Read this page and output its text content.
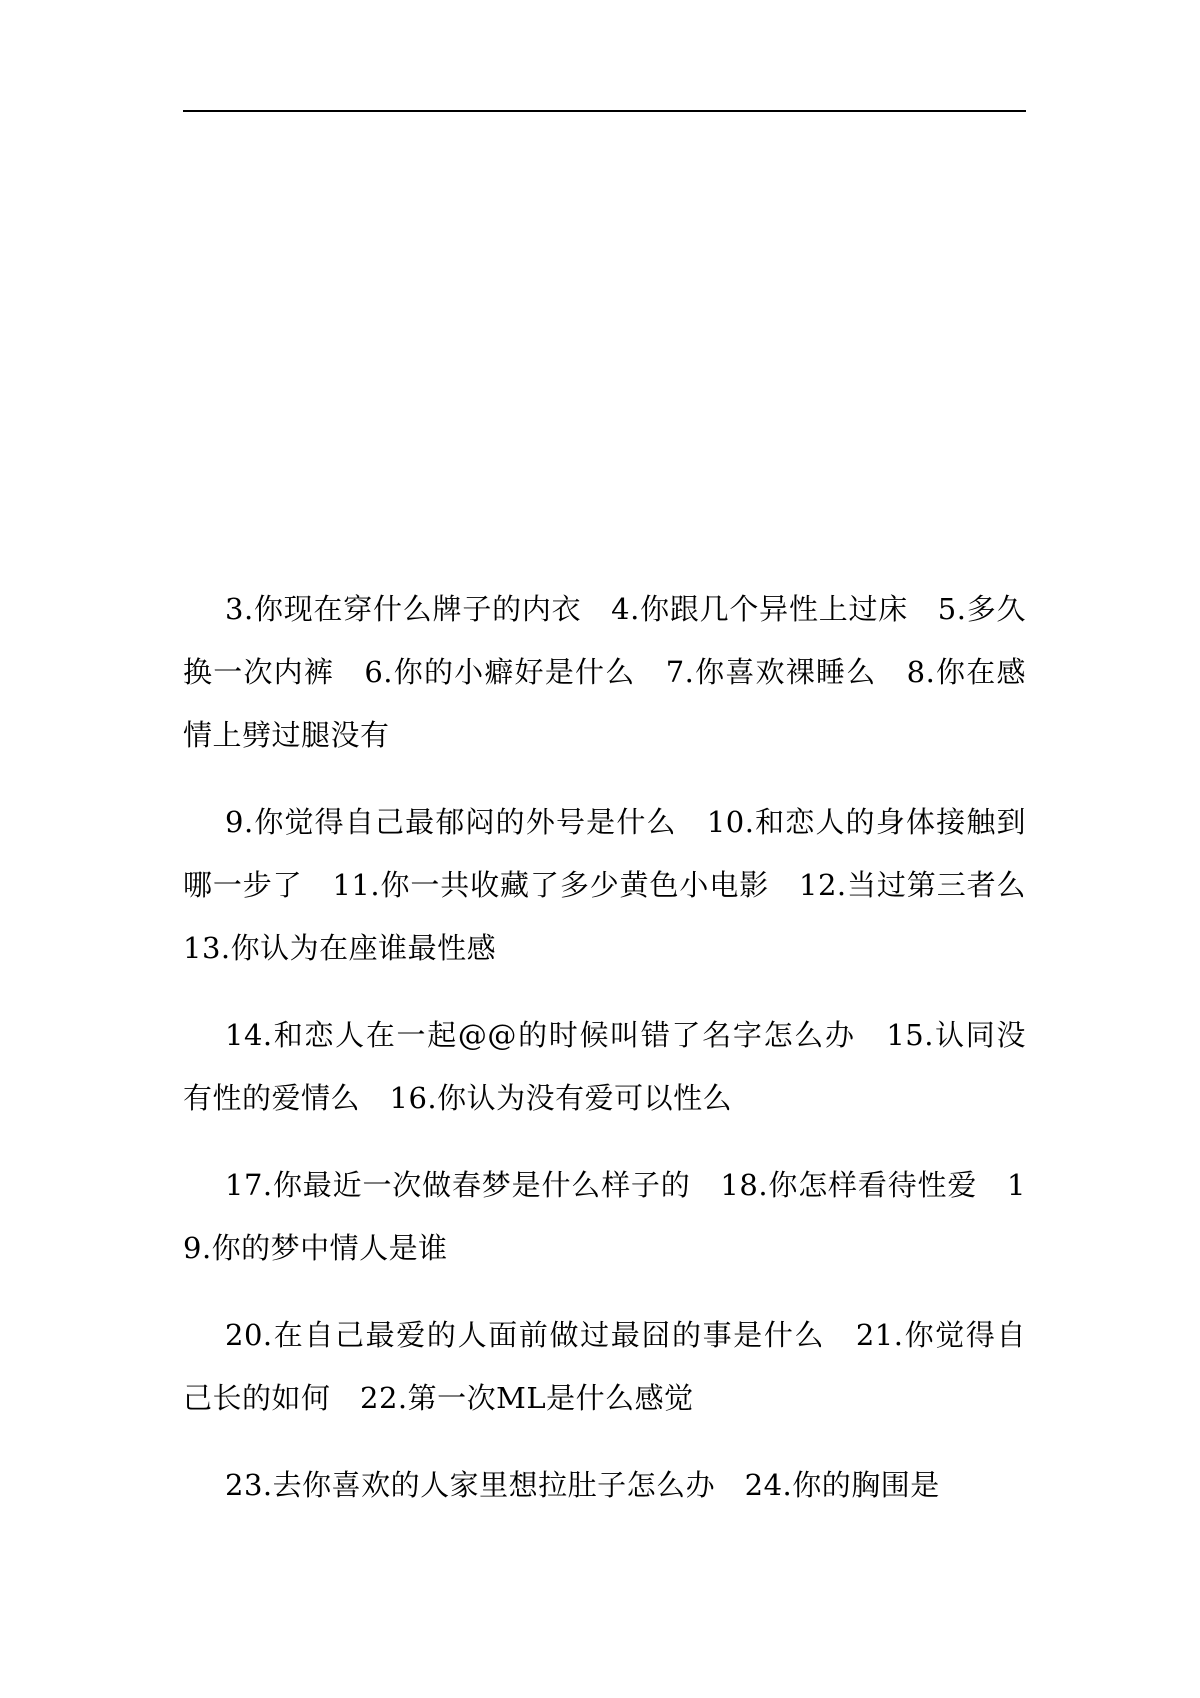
3.你现在穿什么牌子的内衣　4.你跟几个异性上过床　5.多久换一次内裤　6.你的小癖好是什么　7.你喜欢裸睡么　8.你在感情上劈过腿没有

9.你觉得自己最郁闷的外号是什么　10.和恋人的身体接触到哪一步了　11.你一共收藏了多少黄色小电影　12.当过第三者么　13.你认为在座谁最性感

14.和恋人在一起@@的时候叫错了名字怎么办　15.认同没有性的爱情么　16.你认为没有爱可以性么

17.你最近一次做春梦是什么样子的　18.你怎样看待性爱　19.你的梦中情人是谁

20.在自己最爱的人面前做过最囧的事是什么　21.你觉得自己长的如何　22.第一次ML是什么感觉

23.去你喜欢的人家里想拉肚子怎么办　24.你的胸围是
